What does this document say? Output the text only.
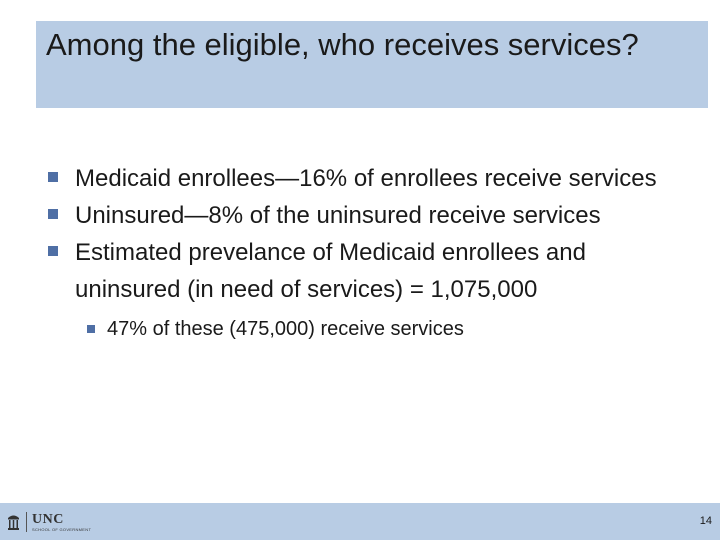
Among the eligible, who receives services?
Medicaid enrollees—16% of enrollees receive services
Uninsured—8% of the uninsured receive services
Estimated prevelance of Medicaid enrollees and uninsured (in need of services) = 1,075,000
47% of these (475,000) receive services
UNC
SCHOOL OF GOVERNMENT
14
